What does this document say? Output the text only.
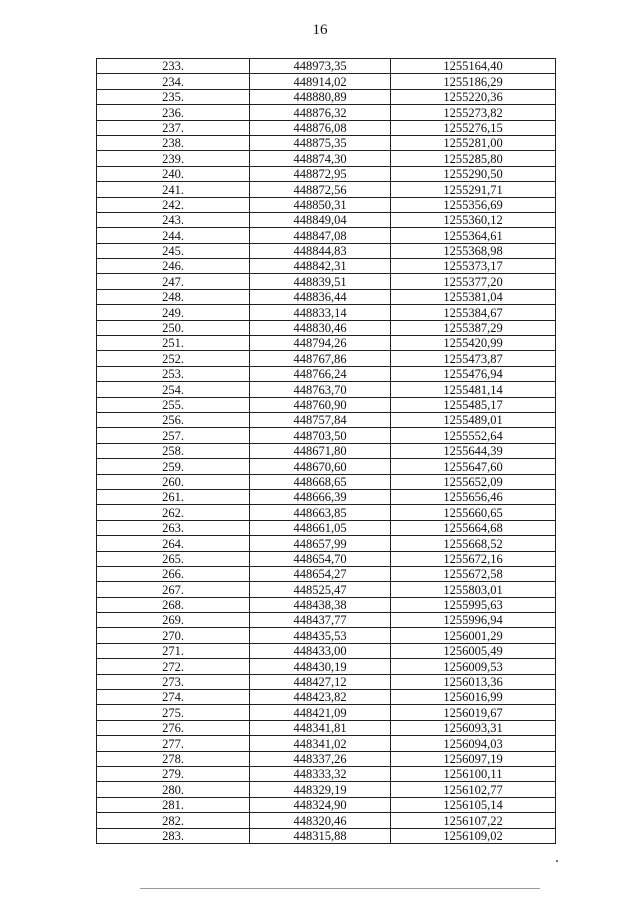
16
233.	448973,35	1255164,40
234.	448914,02	1255186,29
235.	448880,89	1255220,36
236.	448876,32	1255273,82
237.	448876,08	1255276,15
238.	448875,35	1255281,00
239.	448874,30	1255285,80
240.	448872,95	1255290,50
241.	448872,56	1255291,71
242.	448850,31	1255356,69
243.	448849,04	1255360,12
244.	448847,08	1255364,61
245.	448844,83	1255368,98
246.	448842,31	1255373,17
247.	448839,51	1255377,20
248.	448836,44	1255381,04
249.	448833,14	1255384,67
250.	448830,46	1255387,29
251.	448794,26	1255420,99
252.	448767,86	1255473,87
253.	448766,24	1255476,94
254.	448763,70	1255481,14
255.	448760,90	1255485,17
256.	448757,84	1255489,01
257.	448703,50	1255552,64
258.	448671,80	1255644,39
259.	448670,60	1255647,60
260.	448668,65	1255652,09
261.	448666,39	1255656,46
262.	448663,85	1255660,65
263.	448661,05	1255664,68
264.	448657,99	1255668,52
265.	448654,70	1255672,16
266.	448654,27	1255672,58
267.	448525,47	1255803,01
268.	448438,38	1255995,63
269.	448437,77	1255996,94
270.	448435,53	1256001,29
271.	448433,00	1256005,49
272.	448430,19	1256009,53
273.	448427,12	1256013,36
274.	448423,82	1256016,99
275.	448421,09	1256019,67
276.	448341,81	1256093,31
277.	448341,02	1256094,03
278.	448337,26	1256097,19
279.	448333,32	1256100,11
280.	448329,19	1256102,77
281.	448324,90	1256105,14
282.	448320,46	1256107,22
283.	448315,88	1256109,02
